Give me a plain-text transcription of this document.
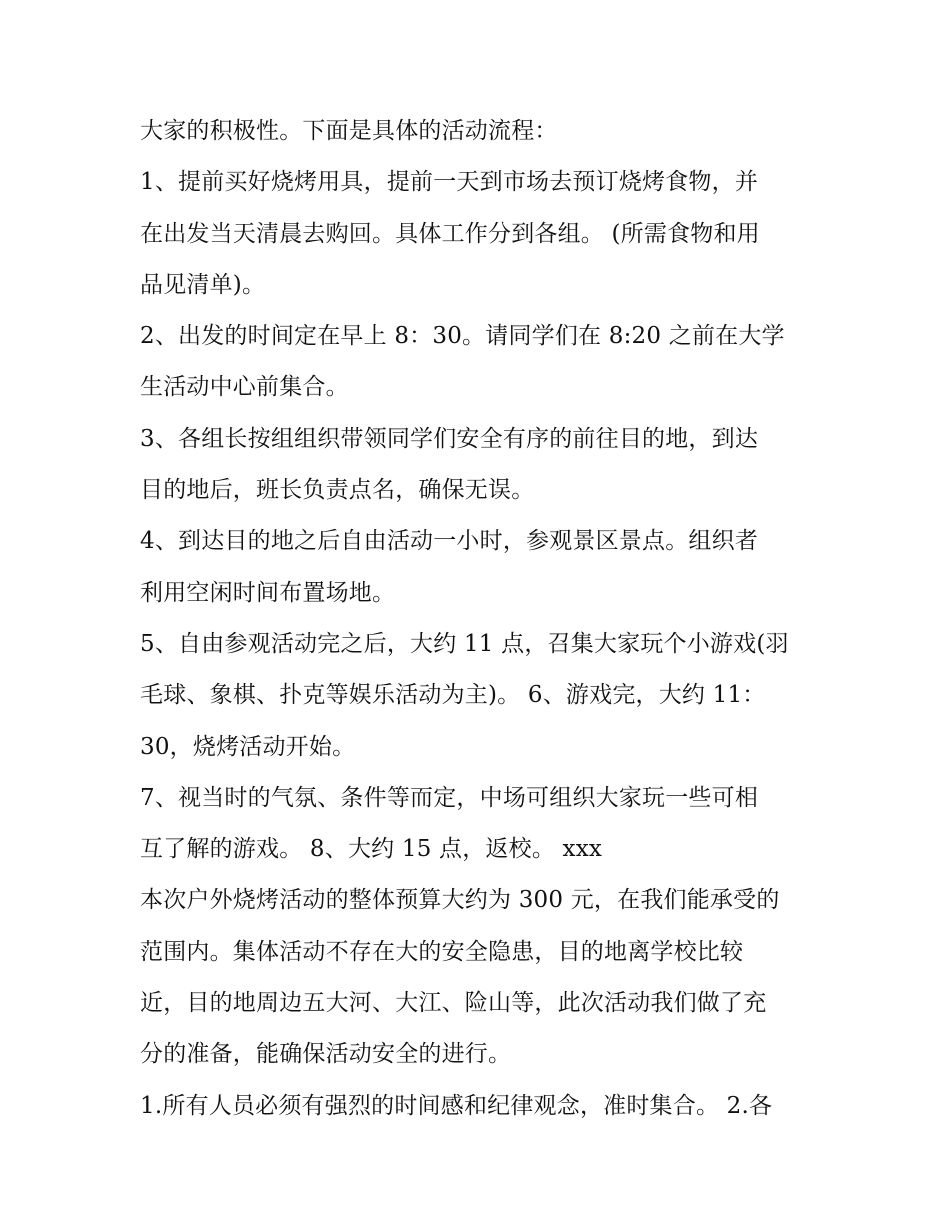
大家的积极性。下面是具体的活动流程：
1、提前买好烧烤用具，提前一天到市场去预订烧烤食物，并
在出发当天清晨去购回。具体工作分到各组。 (所需食物和用
品见清单)。
2、出发的时间定在早上 8：30。请同学们在 8:20 之前在大学
生活动中心前集合。
3、各组长按组组织带领同学们安全有序的前往目的地，到达
目的地后，班长负责点名，确保无误。
4、到达目的地之后自由活动一小时，参观景区景点。组织者
利用空闲时间布置场地。
5、自由参观活动完之后，大约 11 点，召集大家玩个小游戏(羽
毛球、象棋、扑克等娱乐活动为主)。 6、游戏完，大约 11：
30，烧烤活动开始。
7、视当时的气氛、条件等而定，中场可组织大家玩一些可相
互了解的游戏。 8、大约 15 点，返校。 xxx
本次户外烧烤活动的整体预算大约为 300 元，在我们能承受的
范围内。集体活动不存在大的安全隐患，目的地离学校比较
近，目的地周边五大河、大江、险山等，此次活动我们做了充
分的准备，能确保活动安全的进行。
1.所有人员必须有强烈的时间感和纪律观念，准时集合。 2.各
